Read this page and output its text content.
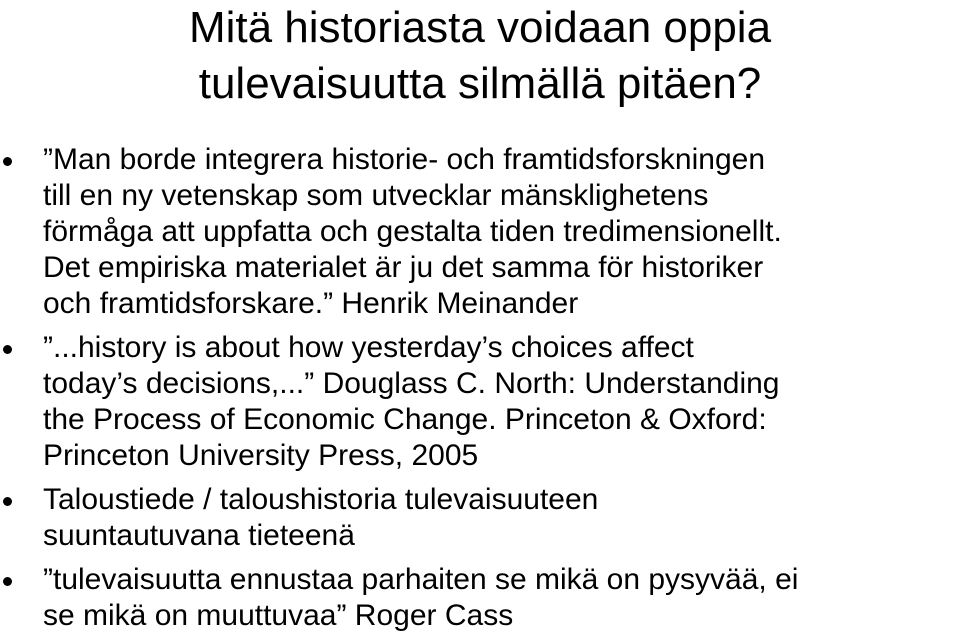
Mitä historiasta voidaan oppia
tulevaisuutta silmällä pitäen?
”Man borde integrera historie- och framtidsforskningen
till en ny vetenskap som utvecklar mänsklighetens
förmåga att uppfatta och gestalta tiden tredimensionellt.
Det empiriska materialet är ju det samma för historiker
och framtidsforskare.” Henrik Meinander
”...history is about how yesterday’s choices affect
today’s decisions,...” Douglass C. North: Understanding
the Process of Economic Change. Princeton & Oxford:
Princeton University Press, 2005
Taloustiede / taloushistoria tulevaisuuteen
suuntautuvana tieteenä
”tulevaisuutta ennustaa parhaiten se mikä on pysyvää, ei
se mikä on muuttuvaa” Roger Cass
